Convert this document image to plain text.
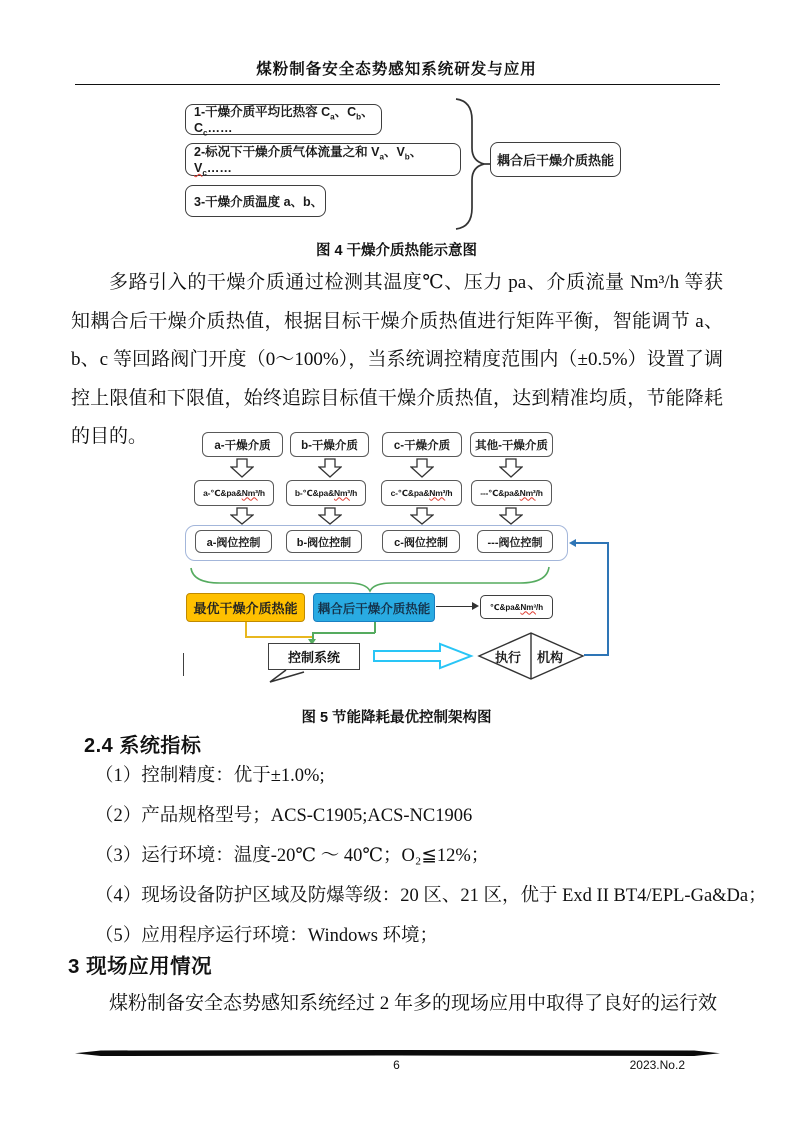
煤粉制备安全态势感知系统研发与应用
1-干燥介质平均比热容 $C_a$、$C_b$、$C_c\dots\dots$
2-标况下干燥介质气体流量之和 $V_a$、$V_b$、$V_c\dots\dots$
3-干燥介质温度 a、b、
耦合后干燥介质热能
图 4 干燥介质热能示意图
多路引入的干燥介质通过检测其温度℃、压力 pa、介质流量 Nm³/h 等获知耦合后干燥介质热值，根据目标干燥介质热值进行矩阵平衡，智能调节 a、b、c 等回路阀门开度（0～100%），当系统调控精度范围内（±0.5%）设置了调控上限值和下限值，始终追踪目标值干燥介质热值，达到精准均质，节能降耗的目的。	a-干燥介质	b-干燥介质	c-干燥介质	其他-干燥介质
a-℃&pa&Nm³/h	b-℃&pa&Nm³/h	c-℃&pa&Nm³/h	---℃&pa&Nm³/h
a-阀位控制	b-阀位控制	c-阀位控制	---阀位控制
最优干燥介质热能	耦合后干燥介质热能	℃&pa&Nm³/h
控制系统	执行 机构
图 5 节能降耗最优控制架构图
2.4 系统指标
（1）控制精度：优于±1.0%;
（2）产品规格型号；ACS-C1905;ACS-NC1906
（3）运行环境：温度-20℃ ～ 40℃；O₂≦12%；
（4）现场设备防护区域及防爆等级：20 区、21 区，优于 Exd II BT4/EPL-Ga&Da；
（5）应用程序运行环境：Windows 环境；
3 现场应用情况
煤粉制备安全态势感知系统经过 2 年多的现场应用中取得了良好的运行效
6	2023.No.2
